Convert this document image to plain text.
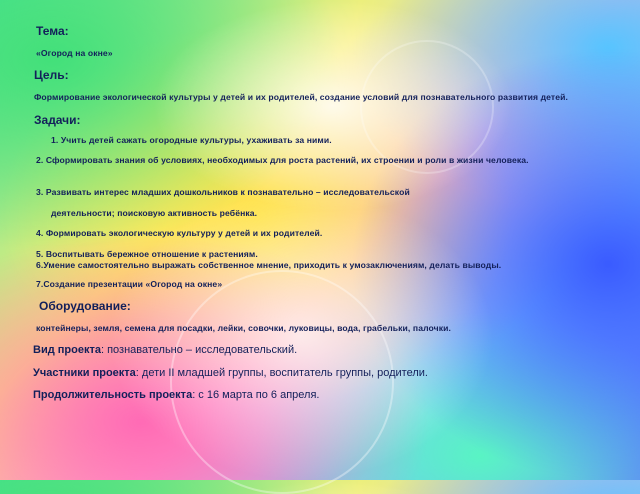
Тема:
«Огород на окне»
Цель:
Формирование экологической культуры у детей и их родителей, создание условий для познавательного развития детей.
Задачи:
1. Учить детей сажать огородные культуры, ухаживать за ними.
2. Сформировать знания об условиях, необходимых для роста растений, их строении и роли в жизни человека.
3. Развивать интерес младших дошкольников к познавательно – исследовательской
деятельности; поисковую активность ребёнка.
4. Формировать экологическую культуру у детей и их родителей.
5. Воспитывать бережное отношение к растениям.
6.Умение самостоятельно выражать собственное мнение, приходить к умозаключениям, делать выводы.
7.Создание презентации «Огород на окне»
Оборудование:
контейнеры, земля, семена для посадки, лейки, совочки, луковицы, вода, грабельки, палочки.
Вид проекта: познавательно – исследовательский.
Участники проекта: дети II младшей группы, воспитатель группы, родители.
Продолжительность проекта: с 16 марта по 6 апреля.
